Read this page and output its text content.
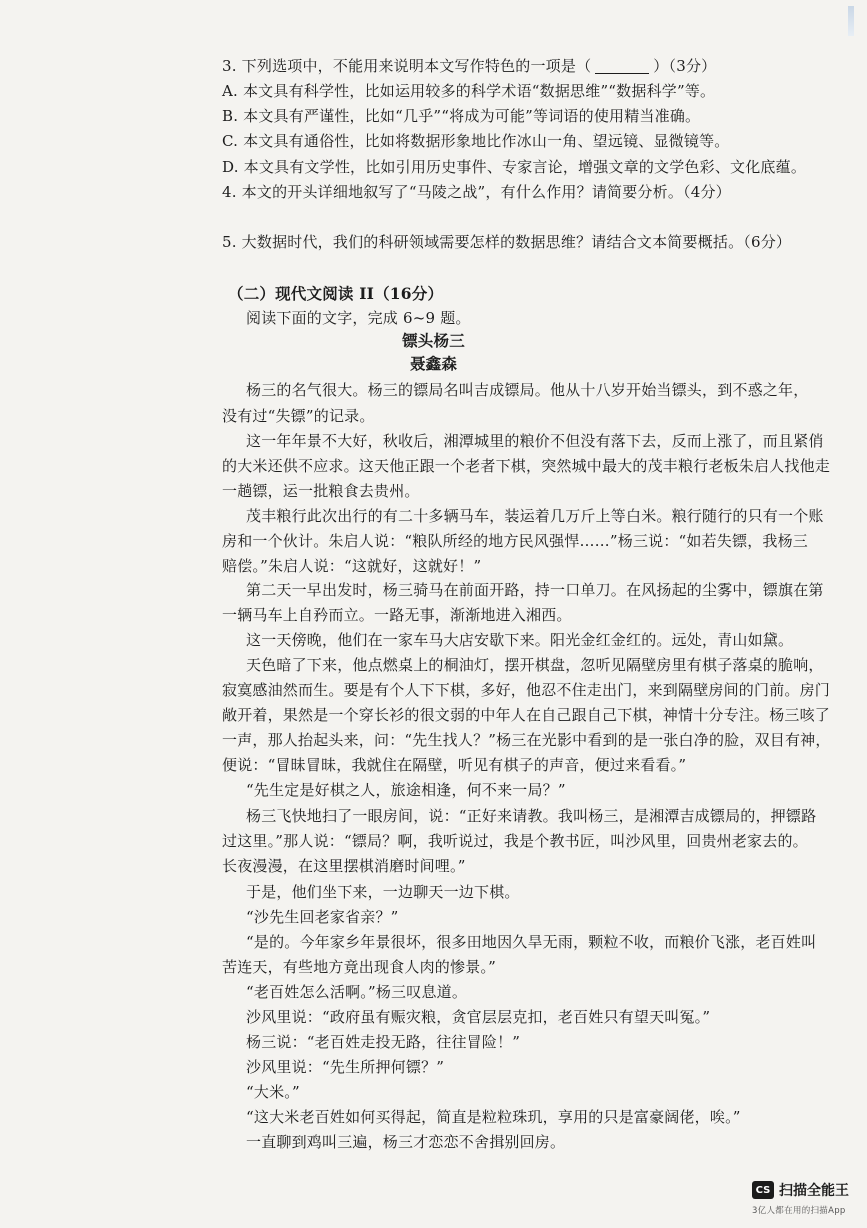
3. 下列选项中，不能用来说明本文写作特色的一项是（	）（3分）
A. 本文具有科学性，比如运用较多的科学术语“数据思维”“数据科学”等。
B. 本文具有严谨性，比如“几乎”“将成为可能”等词语的使用精当准确。
C. 本文具有通俗性，比如将数据形象地比作冰山一角、望远镜、显微镜等。
D. 本文具有文学性，比如引用历史事件、专家言论，增强文章的文学色彩、文化底蕴。
4. 本文的开头详细地叙写了“马陵之战”，有什么作用？请简要分析。（4分）
5. 大数据时代，我们的科研领域需要怎样的数据思维？请结合文本简要概括。（6分）
（二）现代文阅读 II（16分）
阅读下面的文字，完成 6~9 题。
镖头杨三
聂鑫森
杨三的名气很大。杨三的镖局名叫吉成镖局。他从十八岁开始当镖头，到不惑之年，
没有过“失镖”的记录。
这一年年景不大好，秋收后，湘潭城里的粮价不但没有落下去，反而上涨了，而且紧俏
的大米还供不应求。这天他正跟一个老者下棋，突然城中最大的茂丰粮行老板朱启人找他走
一趟镖，运一批粮食去贵州。
茂丰粮行此次出行的有二十多辆马车，装运着几万斤上等白米。粮行随行的只有一个账
房和一个伙计。朱启人说：“粮队所经的地方民风强悍……”杨三说：“如若失镖，我杨三
赔偿。”朱启人说：“这就好，这就好！”
第二天一早出发时，杨三骑马在前面开路，持一口单刀。在风扬起的尘雾中，镖旗在第
一辆马车上自矜而立。一路无事，渐渐地进入湘西。
这一天傍晚，他们在一家车马大店安歇下来。阳光金红金红的。远处，青山如黛。
天色暗了下来，他点燃桌上的桐油灯，摆开棋盘，忽听见隔壁房里有棋子落桌的脆响，
寂寞感油然而生。要是有个人下下棋，多好，他忍不住走出门，来到隔壁房间的门前。房门
敞开着，果然是一个穿长衫的很文弱的中年人在自己跟自己下棋，神情十分专注。杨三咳了
一声，那人抬起头来，问：“先生找人？”杨三在光影中看到的是一张白净的脸，双目有神，
便说：“冒昧冒昧，我就住在隔壁，听见有棋子的声音，便过来看看。”
“先生定是好棋之人，旅途相逢，何不来一局？”
杨三飞快地扫了一眼房间，说：“正好来请教。我叫杨三，是湘潭吉成镖局的，押镖路
过这里。”那人说：“镖局？啊，我听说过，我是个教书匠，叫沙风里，回贵州老家去的。
长夜漫漫，在这里摆棋消磨时间哩。”
于是，他们坐下来，一边聊天一边下棋。
“沙先生回老家省亲？”
“是的。今年家乡年景很坏，很多田地因久旱无雨，颗粒不收，而粮价飞涨，老百姓叫
苦连天，有些地方竟出现食人肉的惨景。”
“老百姓怎么活啊。”杨三叹息道。
沙风里说：“政府虽有赈灾粮，贪官层层克扣，老百姓只有望天叫冤。”
杨三说：“老百姓走投无路，往往冒险！”
沙风里说：“先生所押何镖？”
“大米。”
“这大米老百姓如何买得起，简直是粒粒珠玑，享用的只是富豪阔佬，唉。”
一直聊到鸡叫三遍，杨三才恋恋不舍揖别回房。
CS 扫描全能王
3亿人都在用的扫描App
